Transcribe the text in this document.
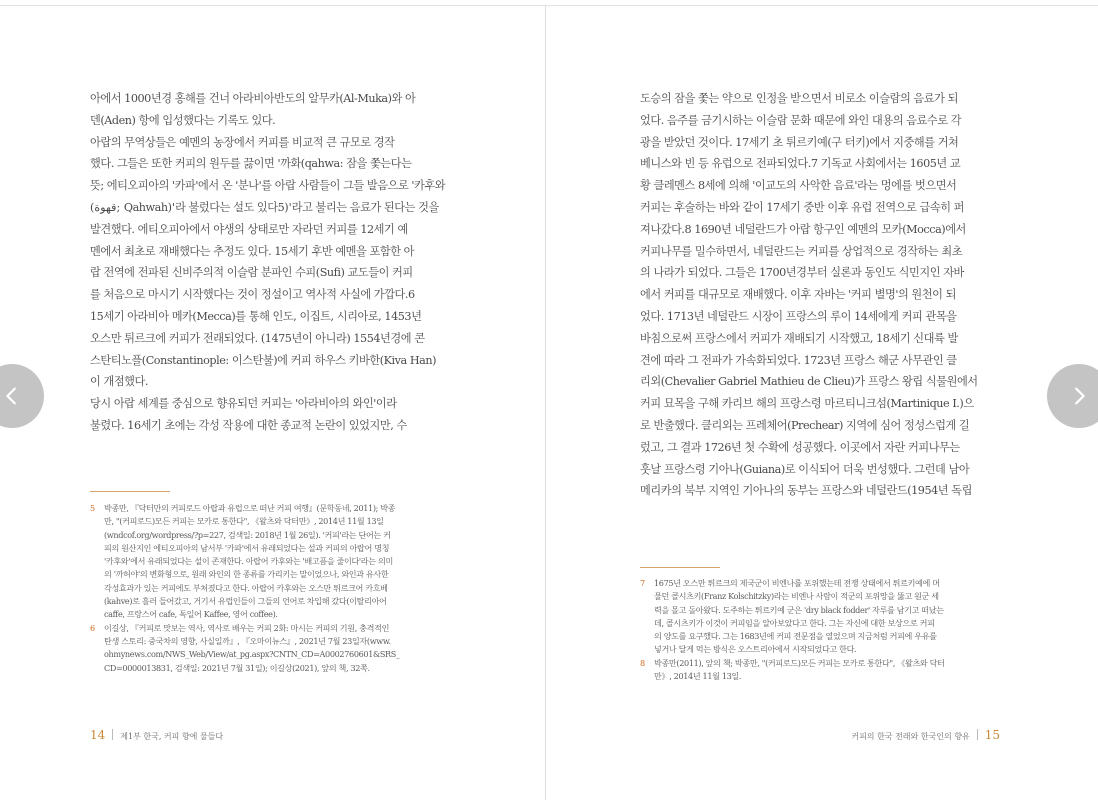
아에서 1000년경 홍해를 건너 아라비아반도의 알무카(Al-Muka)와 아
덴(Aden) 항에 입성했다는 기록도 있다.

아랍의 무역상들은 예멘의 농장에서 커피를 비교적 큰 규모로 경작
했다. 그들은 또한 커피의 원두를 끓이면 '까화(qahwa: 잠을 쫓는다는
뜻; 에티오피아의 '카파'에서 온 '분나'를 아랍 사람들이 그들 발음으로 '카후와
(قهوة; Qahwah)'라 불렀다는 설도 있다5)'라고 불리는 음료가 된다는 것을
발견했다. 에티오피아에서 야생의 상태로만 자라던 커피를 12세기 예
멘에서 최초로 재배했다는 추정도 있다. 15세기 후반 예멘을 포함한 아
랍 전역에 전파된 신비주의적 이슬람 분파인 수피(Sufi) 교도들이 커피
를 처음으로 마시기 시작했다는 것이 정설이고 역사적 사실에 가깝다.6
15세기 아라비아 메카(Mecca)를 통해 인도, 이집트, 시리아로, 1453년
오스만 튀르크에 커피가 전래되었다. (1475년이 아니라) 1554년경에 콘
스탄티노플(Constantinople: 이스탄불)에 커피 하우스 키바한(Kiva Han)
이 개점했다.

당시 아랍 세계를 중심으로 향유되던 커피는 '아라비아의 와인'이라
불렸다. 16세기 초에는 각성 작용에 대한 종교적 논란이 있었지만, 수

5 박종만, 『닥터만의 커피로드 아랍과 유럽으로 떠난 커피 여행』(문학동네, 2011); 박종
만, "(커피로드)모든 커피는 모카로 통한다", 《왈츠와 닥터만》, 2014년 11월 13일
(wndcof.org/wordpress/?p=227, 검색일: 2018년 1월 26일). '커피'라는 단어는 커
피의 원산지인 에티오피아의 남서부 '카파'에서 유래되었다는 설과 커피의 아랍어 명칭
'카후와'에서 유래되었다는 설이 존재한다. 아랍어 카후와는 '배고픔을 줄이다'라는 의미
의 '까허야'의 변화형으로, 원래 와인의 한 종류를 가리키는 말이었으나, 와인과 유사한
각성효과가 있는 커피에도 부쳐졌다고 한다. 아랍어 카후와는 오스만 튀르크어 카흐베
(kahve)로 흘러 들어갔고, 거기서 유럽인들이 그들의 언어로 차입해 갔다(이탈리아어
caffe, 프랑스어 cafe, 독일어 Kaffee, 영어 coffee).
6 이길상, 『커피로 맛보는 역사, 역사로 배우는 커피 2화: 마시는 커피의 기원, 충격적인
탄생 스토리: 중국차의 영향, 사실일까』, 『오마이뉴스』, 2021년 7월 23일자(www.
ohmynews.com/NWS_Web/View/at_pg.aspx?CNTN_CD=A0002760601&SRS_
CD=0000013831, 검색일: 2021년 7월 31일); 이길상(2021), 앞의 책, 32쪽.
14 제1부 한국, 커피 향에 물들다

도승의 잠을 쫓는 약으로 인정을 받으면서 비로소 이슬람의 음료가 되
었다. 음주를 금기시하는 이슬람 문화 때문에 와인 대용의 음료수로 각
광을 받았던 것이다. 17세기 초 튀르키예(구 터키)에서 지중해를 거쳐
베니스와 빈 등 유럽으로 전파되었다.7 기독교 사회에서는 1605년 교
황 클레멘스 8세에 의해 '이교도의 사악한 음료'라는 멍에를 벗으면서
커피는 후술하는 바와 같이 17세기 중반 이후 유럽 전역으로 급속히 퍼
져나갔다.8 1690년 네덜란드가 아랍 항구인 예멘의 모카(Mocca)에서
커피나무를 밀수하면서, 네덜란드는 커피를 상업적으로 경작하는 최초
의 나라가 되었다. 그들은 1700년경부터 실론과 동인도 식민지인 자바
에서 커피를 대규모로 재배했다. 이후 자바는 '커피 별명'의 원천이 되
었다. 1713년 네덜란드 시장이 프랑스의 루이 14세에게 커피 관목을
바침으로써 프랑스에서 커피가 재배되기 시작했고, 18세기 신대륙 발
견에 따라 그 전파가 가속화되었다. 1723년 프랑스 해군 사무관인 클
리외(Chevalier Gabriel Mathieu de Clieu)가 프랑스 왕립 식물원에서
커피 묘목을 구해 카리브 해의 프랑스령 마르티니크섬(Martinique I.)으
로 반출했다. 클리외는 프레체어(Prechear) 지역에 심어 정성스럽게 길
렀고, 그 결과 1726년 첫 수확에 성공했다. 이곳에서 자란 커피나무는
훗날 프랑스령 기아나(Guiana)로 이식되어 더욱 번성했다. 그런데 남아
메리카의 북부 지역인 기아나의 동부는 프랑스와 네덜란드(1954년 독립

7 1675년 오스만 튀르크의 제국군이 비엔나를 포위했는데 전쟁 상태에서 튀르키예에 머
물던 콜시츠키(Franz Kolschitzky)라는 비엔나 사람이 적군의 포위망을 뚫고 원군 세
력을 몰고 돌아왔다. 도주하는 튀르키예 군은 'dry black fodder' 자루를 남기고 떠났는
데, 콜시츠키가 이것이 커피임을 알아보았다고 한다. 그는 자신에 대한 보상으로 커피
의 양도를 요구했다. 그는 1683년에 커피 전문점을 열었으며 지금처럼 커피에 우유를
넣거나 달게 먹는 방식은 오스트리아에서 시작되었다고 한다.
8 박종만(2011), 앞의 책; 박종만, "(커피로드)모든 커피는 모카로 통한다", 《왈츠와 닥터
만》, 2014년 11월 13일.
커피의 한국 전래와 한국인의 향유 15
